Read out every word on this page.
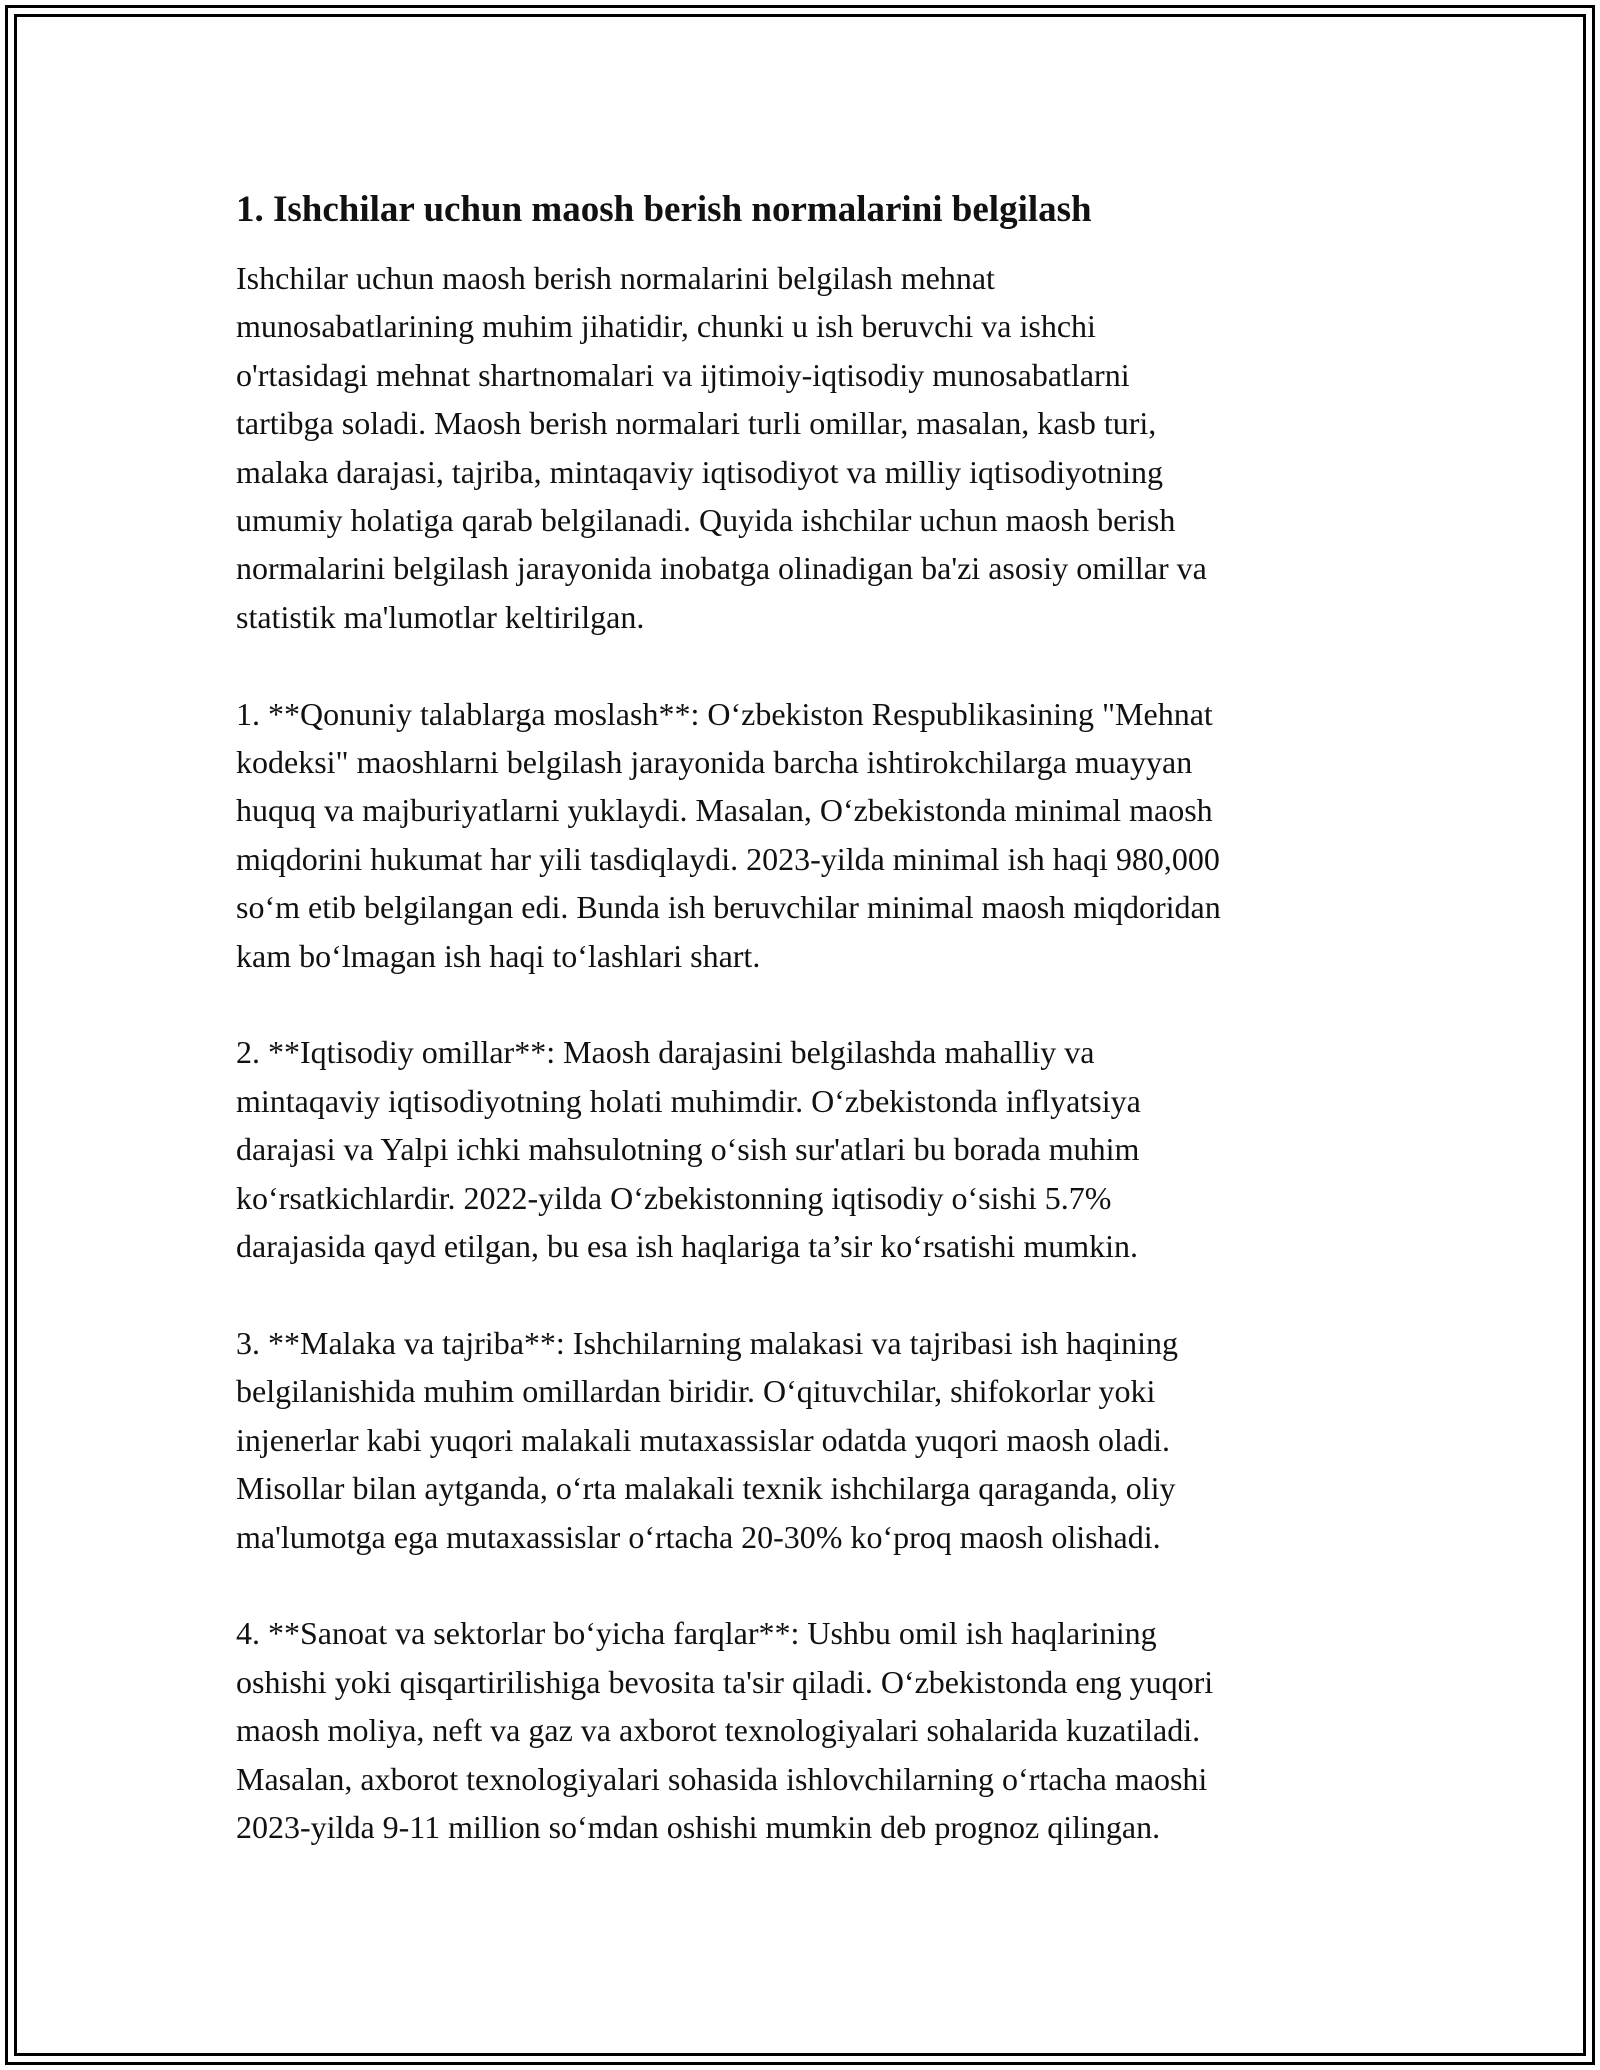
1. Ishchilar uchun maosh berish normalarini belgilash

Ishchilar uchun maosh berish normalarini belgilash mehnat
munosabatlarining muhim jihatidir, chunki u ish beruvchi va ishchi
o'rtasidagi mehnat shartnomalari va ijtimoiy-iqtisodiy munosabatlarni
tartibga soladi. Maosh berish normalari turli omillar, masalan, kasb turi,
malaka darajasi, tajriba, mintaqaviy iqtisodiyot va milliy iqtisodiyotning
umumiy holatiga qarab belgilanadi. Quyida ishchilar uchun maosh berish
normalarini belgilash jarayonida inobatga olinadigan ba'zi asosiy omillar va
statistik ma'lumotlar keltirilgan.

1. **Qonuniy talablarga moslash**: Oʻzbekiston Respublikasining "Mehnat
kodeksi" maoshlarni belgilash jarayonida barcha ishtirokchilarga muayyan
huquq va majburiyatlarni yuklaydi. Masalan, Oʻzbekistonda minimal maosh
miqdorini hukumat har yili tasdiqlaydi. 2023-yilda minimal ish haqi 980,000
soʻm etib belgilangan edi. Bunda ish beruvchilar minimal maosh miqdoridan
kam boʻlmagan ish haqi toʻlashlari shart.

2. **Iqtisodiy omillar**: Maosh darajasini belgilashda mahalliy va
mintaqaviy iqtisodiyotning holati muhimdir. Oʻzbekistonda inflyatsiya
darajasi va Yalpi ichki mahsulotning oʻsish sur'atlari bu borada muhim
koʻrsatkichlardir. 2022-yilda Oʻzbekistonning iqtisodiy oʻsishi 5.7%
darajasida qayd etilgan, bu esa ish haqlariga ta’sir koʻrsatishi mumkin.

3. **Malaka va tajriba**: Ishchilarning malakasi va tajribasi ish haqining
belgilanishida muhim omillardan biridir. Oʻqituvchilar, shifokorlar yoki
injenerlar kabi yuqori malakali mutaxassislar odatda yuqori maosh oladi.
Misollar bilan aytganda, oʻrta malakali texnik ishchilarga qaraganda, oliy
ma'lumotga ega mutaxassislar oʻrtacha 20-30% koʻproq maosh olishadi.

4. **Sanoat va sektorlar boʻyicha farqlar**: Ushbu omil ish haqlarining
oshishi yoki qisqartirilishiga bevosita ta'sir qiladi. Oʻzbekistonda eng yuqori
maosh moliya, neft va gaz va axborot texnologiyalari sohalarida kuzatiladi.
Masalan, axborot texnologiyalari sohasida ishlovchilarning oʻrtacha maoshi
2023-yilda 9-11 million soʻmdan oshishi mumkin deb prognoz qilingan.
